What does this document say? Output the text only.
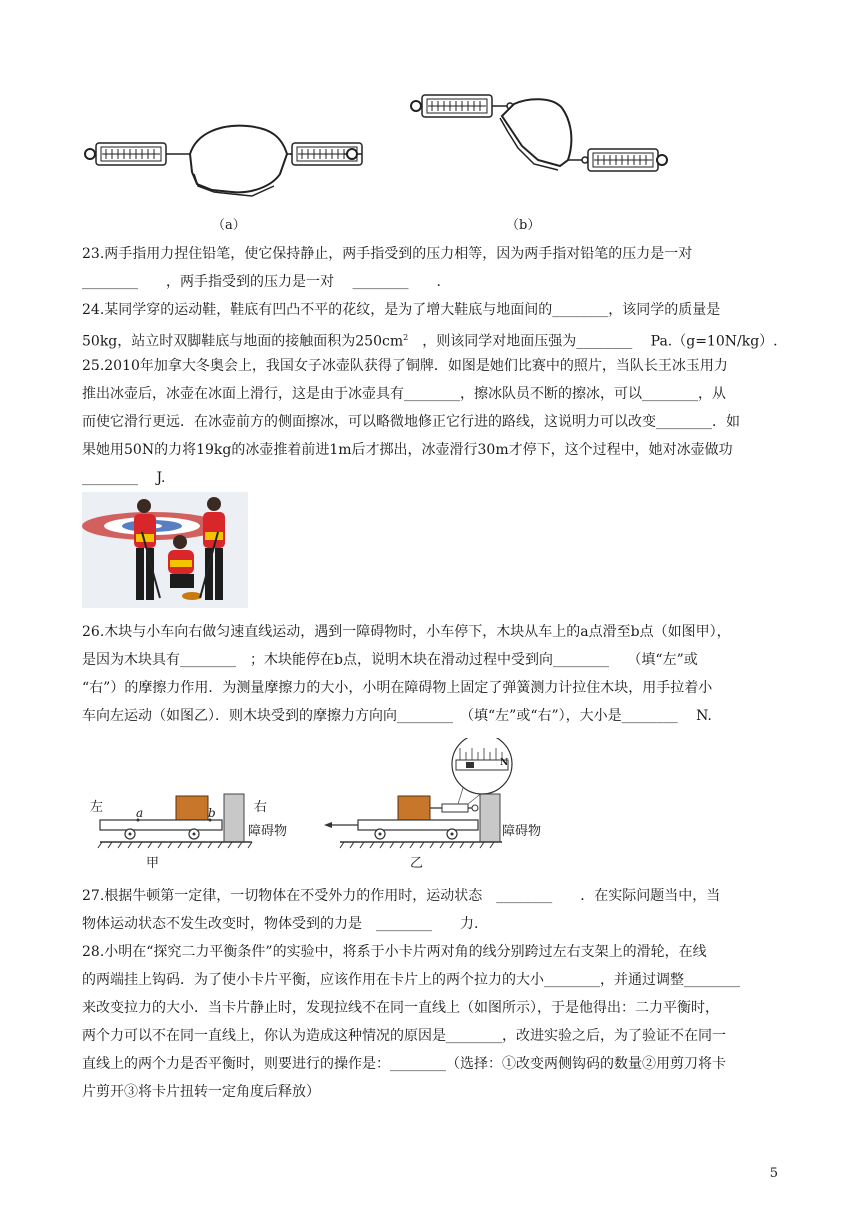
（a）	（b）
23.两手指用力捏住铅笔，使它保持静止，两手指受到的压力相等，因为两手指对铅笔的压力是一对
________　　，两手指受到的压力是一对　 ________　　.
24.某同学穿的运动鞋，鞋底有凹凸不平的花纹，是为了增大鞋底与地面间的________，该同学的质量是
50kg，站立时双脚鞋底与地面的接触面积为$250cm^2$　，则该同学对地面压强为________　 Pa.（g=10N/kg）.
25.2010年加拿大冬奥会上，我国女子冰壶队获得了铜牌．如图是她们比赛中的照片，当队长王冰玉用力
推出冰壶后，冰壶在冰面上滑行，这是由于冰壶具有________，擦冰队员不断的擦冰，可以________，从
而使它滑行更远．在冰壶前方的侧面擦冰，可以略微地修正它行进的路线，这说明力可以改变________．如
果她用50N的力将19kg的冰壶推着前进1m后才掷出，冰壶滑行30m才停下，这个过程中，她对冰壶做功
________　 J.
26.木块与小车向右做匀速直线运动，遇到一障碍物时，小车停下，木块从车上的a点滑至b点（如图甲），
是因为木块具有________　；木块能停在b点，说明木块在滑动过程中受到向________　 （填“左”或
“右”）的摩擦力作用．为测量摩擦力的大小，小明在障碍物上固定了弹簧测力计拉住木块，用手拉着小
车向左运动（如图乙）．则木块受到的摩擦力方向向________　（填“左”或“右”），大小是________　 N.
左	右
a	b
障碍物	障碍物
甲	乙
N
27.根据牛顿第一定律，一切物体在不受外力的作用时，运动状态　________　　．在实际问题当中，当
物体运动状态不发生改变时，物体受到的力是　________　　力.
28.小明在“探究二力平衡条件”的实验中，将系于小卡片两对角的线分别跨过左右支架上的滑轮，在线
的两端挂上钩码．为了使小卡片平衡，应该作用在卡片上的两个拉力的大小________，并通过调整________
来改变拉力的大小．当卡片静止时，发现拉线不在同一直线上（如图所示），于是他得出：二力平衡时，
两个力可以不在同一直线上，你认为造成这种情况的原因是________，改进实验之后，为了验证不在同一
直线上的两个力是否平衡时，则要进行的操作是：________（选择：①改变两侧钩码的数量②用剪刀将卡
片剪开③将卡片扭转一定角度后释放）
5
